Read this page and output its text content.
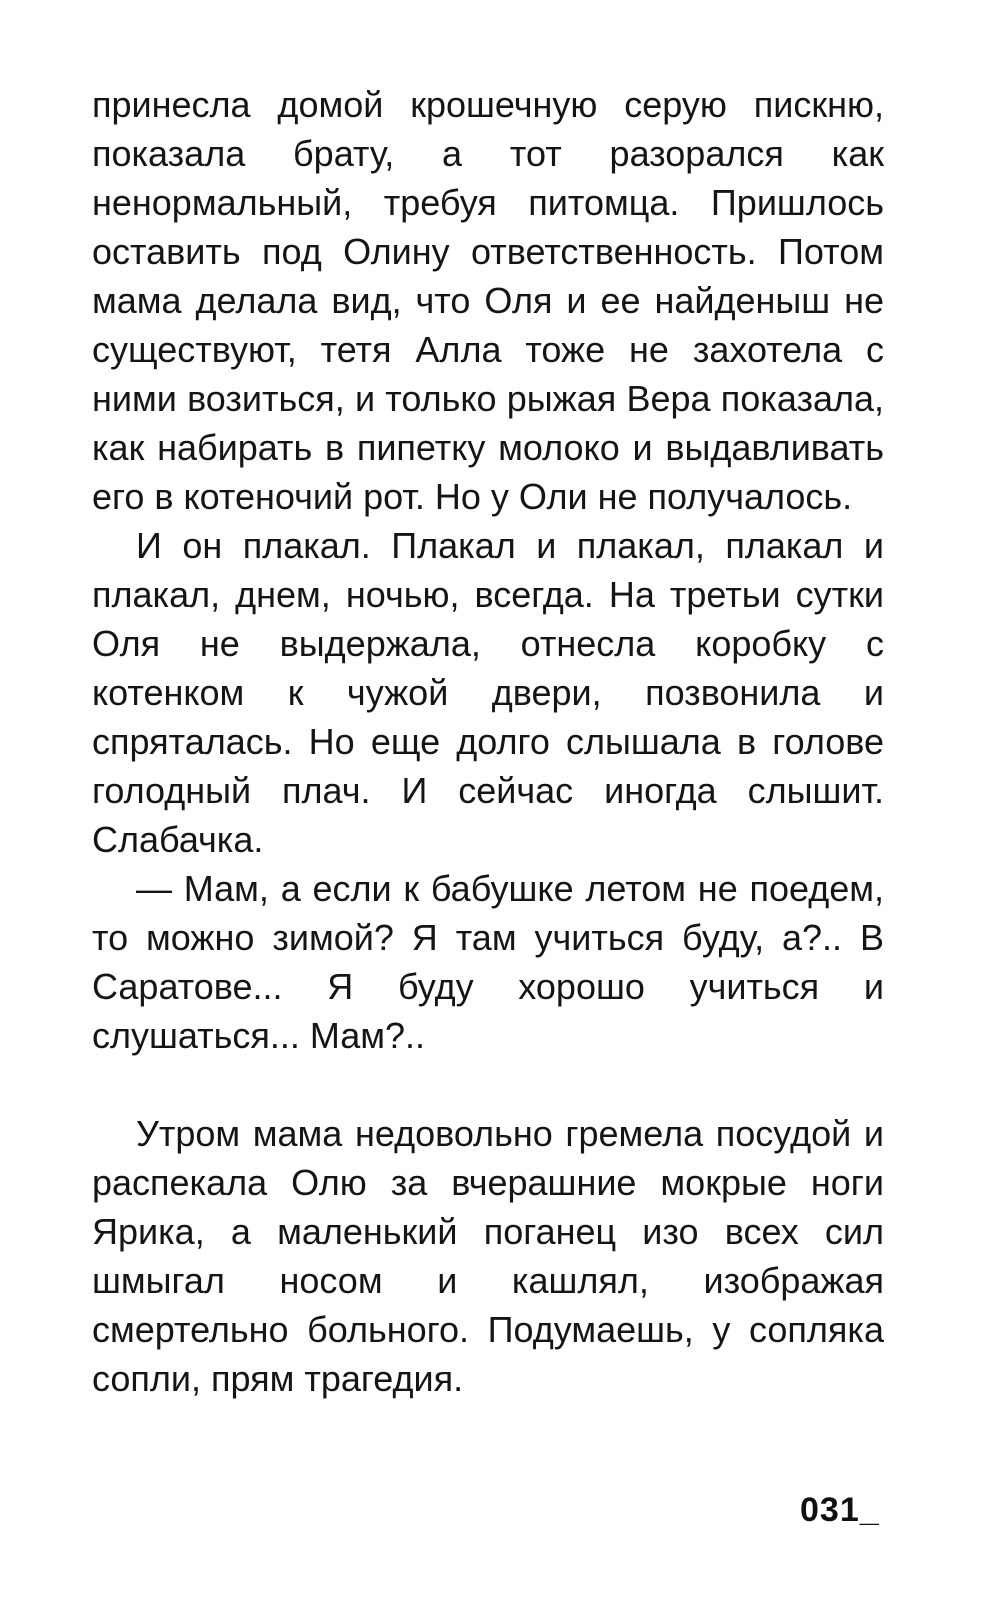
принесла домой крошечную серую пискню, показала брату, а тот разорался как ненормальный, требуя питомца. Пришлось оставить под Олину ответственность. Потом мама делала вид, что Оля и ее найденыш не существуют, тетя Алла тоже не захотела с ними возиться, и только рыжая Вера показала, как набирать в пипетку молоко и выдавливать его в котеночий рот. Но у Оли не получалось.

И он плакал. Плакал и плакал, плакал и плакал, днем, ночью, всегда. На третьи сутки Оля не выдержала, отнесла коробку с котенком к чужой двери, позвонила и спряталась. Но еще долго слышала в голове голодный плач. И сейчас иногда слышит. Слабачка.

— Мам, а если к бабушке летом не поедем, то можно зимой? Я там учиться буду, а?.. В Саратове... Я буду хорошо учиться и слушаться... Мам?..

Утром мама недовольно гремела посудой и распекала Олю за вчерашние мокрые ноги Ярика, а маленький поганец изо всех сил шмыгал носом и кашлял, изображая смертельно больного. Подумаешь, у сопляка сопли, прям трагедия.

031_
